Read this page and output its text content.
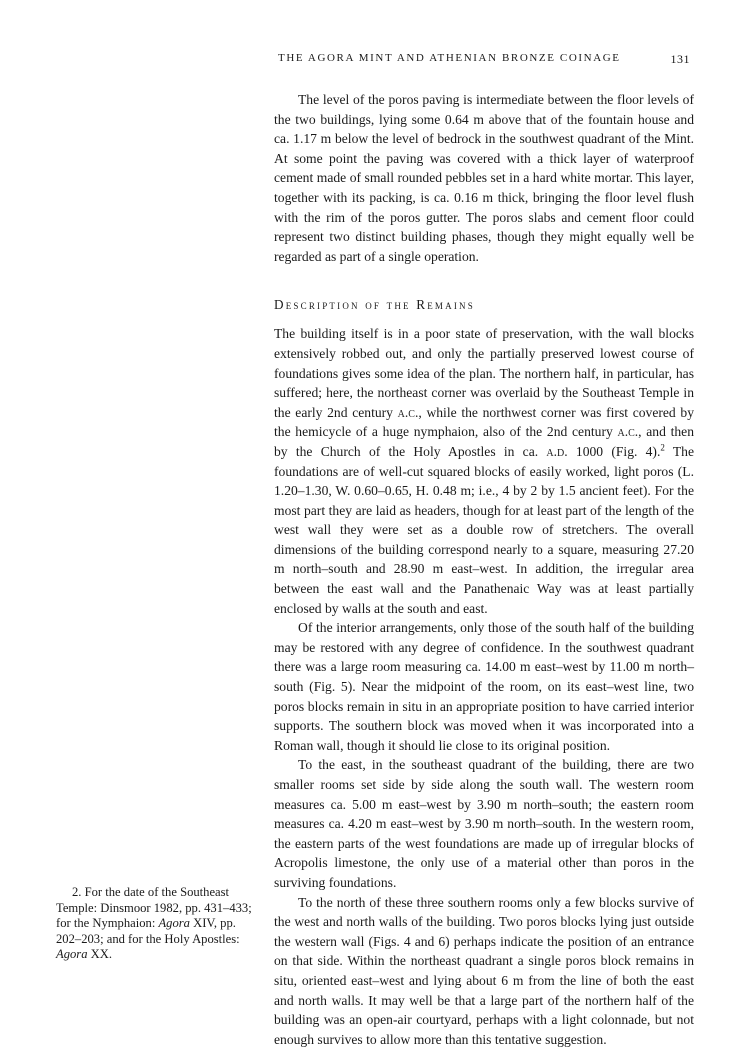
THE AGORA MINT AND ATHENIAN BRONZE COINAGE	131

The level of the poros paving is intermediate between the floor levels of the two buildings, lying some 0.64 m above that of the fountain house and ca. 1.17 m below the level of bedrock in the southwest quadrant of the Mint. At some point the paving was covered with a thick layer of waterproof cement made of small rounded pebbles set in a hard white mortar. This layer, together with its packing, is ca. 0.16 m thick, bringing the floor level flush with the rim of the poros gutter. The poros slabs and cement floor could represent two distinct building phases, though they might equally well be regarded as part of a single operation.

Description of the Remains

The building itself is in a poor state of preservation, with the wall blocks extensively robbed out, and only the partially preserved lowest course of foundations gives some idea of the plan. The northern half, in particular, has suffered; here, the northeast corner was overlaid by the Southeast Temple in the early 2nd century a.c., while the northwest corner was first covered by the hemicycle of a huge nymphaion, also of the 2nd century a.c., and then by the Church of the Holy Apostles in ca. a.d. 1000 (Fig. 4).$^2$ The foundations are of well-cut squared blocks of easily worked, light poros (L. 1.20–1.30, W. 0.60–0.65, H. 0.48 m; i.e., 4 by 2 by 1.5 ancient feet). For the most part they are laid as headers, though for at least part of the length of the west wall they were set as a double row of stretchers. The overall dimensions of the building correspond nearly to a square, measuring 27.20 m north–south and 28.90 m east–west. In addition, the irregular area between the east wall and the Panathenaic Way was at least partially enclosed by walls at the south and east.

Of the interior arrangements, only those of the south half of the building may be restored with any degree of confidence. In the southwest quadrant there was a large room measuring ca. 14.00 m east–west by 11.00 m north–south (Fig. 5). Near the midpoint of the room, on its east–west line, two poros blocks remain in situ in an appropriate position to have carried interior supports. The southern block was moved when it was incorporated into a Roman wall, though it should lie close to its original position.

To the east, in the southeast quadrant of the building, there are two smaller rooms set side by side along the south wall. The western room measures ca. 5.00 m east–west by 3.90 m north–south; the eastern room measures ca. 4.20 m east–west by 3.90 m north–south. In the western room, the eastern parts of the west foundations are made up of irregular blocks of Acropolis limestone, the only use of a material other than poros in the surviving foundations.

To the north of these three southern rooms only a few blocks survive of the west and north walls of the building. Two poros blocks lying just outside the western wall (Figs. 4 and 6) perhaps indicate the position of an entrance on that side. Within the northeast quadrant a single poros block remains in situ, oriented east–west and lying about 6 m from the line of both the east and north walls. It may well be that a large part of the northern half of the building was an open-air courtyard, perhaps with a light colonnade, but not enough survives to allow more than this tentative suggestion.

2. For the date of the Southeast Temple: Dinsmoor 1982, pp. 431–433; for the Nymphaion: Agora XIV, pp. 202–203; and for the Holy Apostles: Agora XX.
